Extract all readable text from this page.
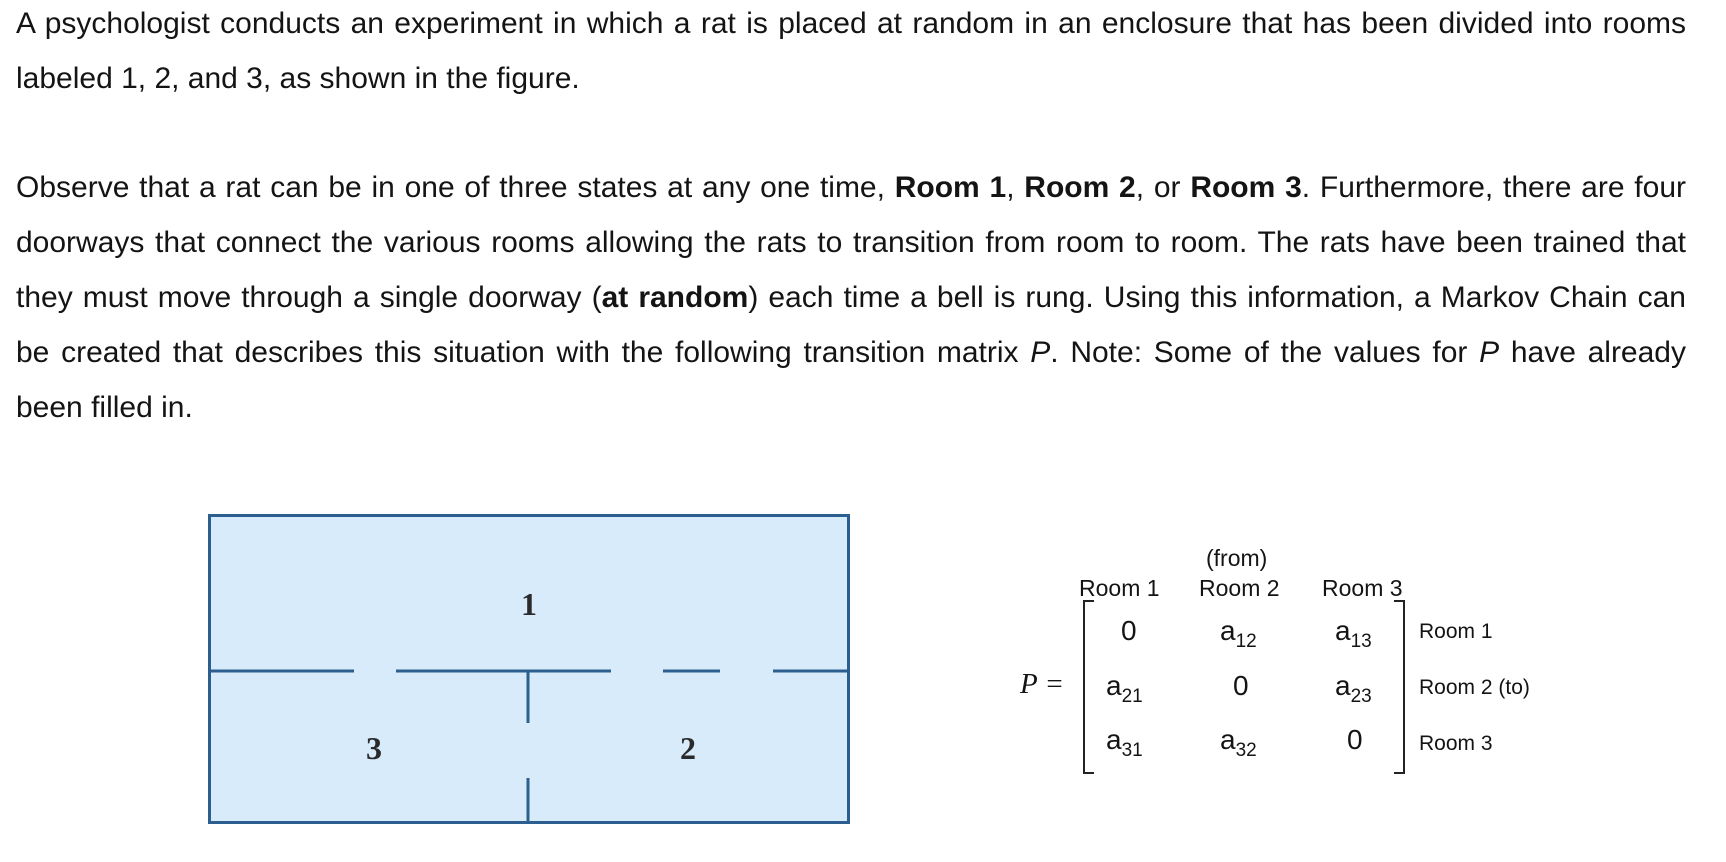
A psychologist conducts an experiment in which a rat is placed at random in an enclosure that has been divided into rooms labeled 1, 2, and 3, as shown in the figure.

Observe that a rat can be in one of three states at any one time, Room 1, Room 2, or Room 3. Furthermore, there are four doorways that connect the various rooms allowing the rats to transition from room to room. The rats have been trained that they must move through a single doorway (at random) each time a bell is rung. Using this information, a Markov Chain can be created that describes this situation with the following transition matrix P. Note: Some of the values for P have already been filled in.

1
2
3
(from)
Room 1 Room 2 Room 3
P =
0	$a_{12}$	$a_{13}$
$a_{21}$	0	$a_{23}$
$a_{31}$	$a_{32}$	0
Room 1
Room 2 (to)
Room 3
